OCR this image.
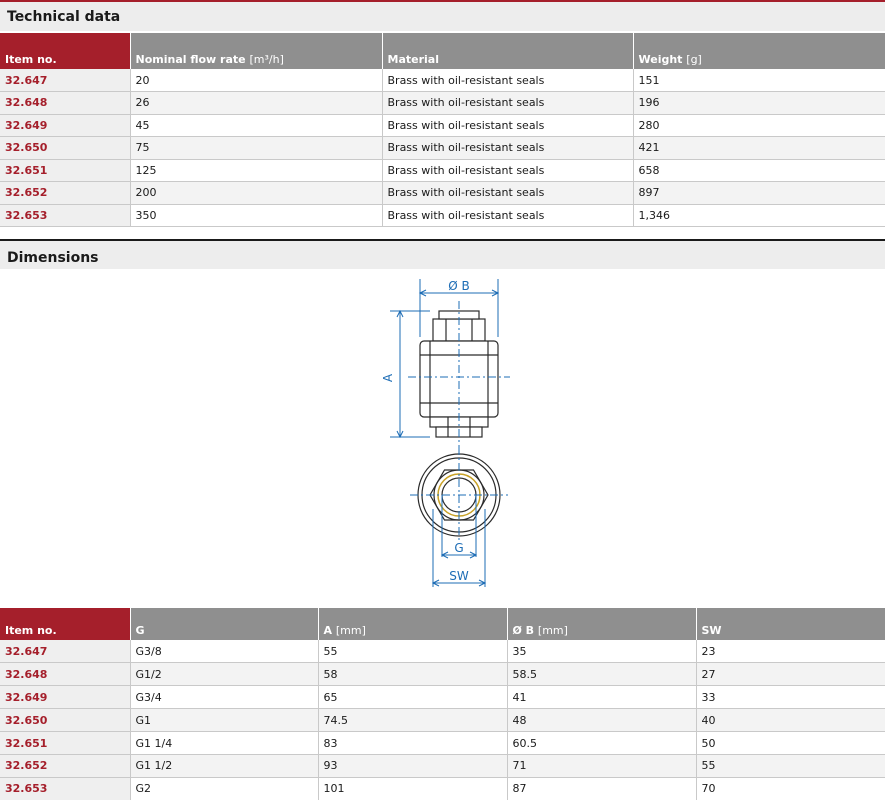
Technical data
Item no.	Nominal flow rate [m³/h]	Material	Weight [g]
32.647	20	Brass with oil-resistant seals	151
32.648	26	Brass with oil-resistant seals	196
32.649	45	Brass with oil-resistant seals	280
32.650	75	Brass with oil-resistant seals	421
32.651	125	Brass with oil-resistant seals	658
32.652	200	Brass with oil-resistant seals	897
32.653	350	Brass with oil-resistant seals	1,346
Dimensions
Ø B
A
G
SW
Item no.	G	A [mm]	Ø B [mm]	SW
32.647	G3/8	55	35	23
32.648	G1/2	58	58.5	27
32.649	G3/4	65	41	33
32.650	G1	74.5	48	40
32.651	G1 1/4	83	60.5	50
32.652	G1 1/2	93	71	55
32.653	G2	101	87	70
